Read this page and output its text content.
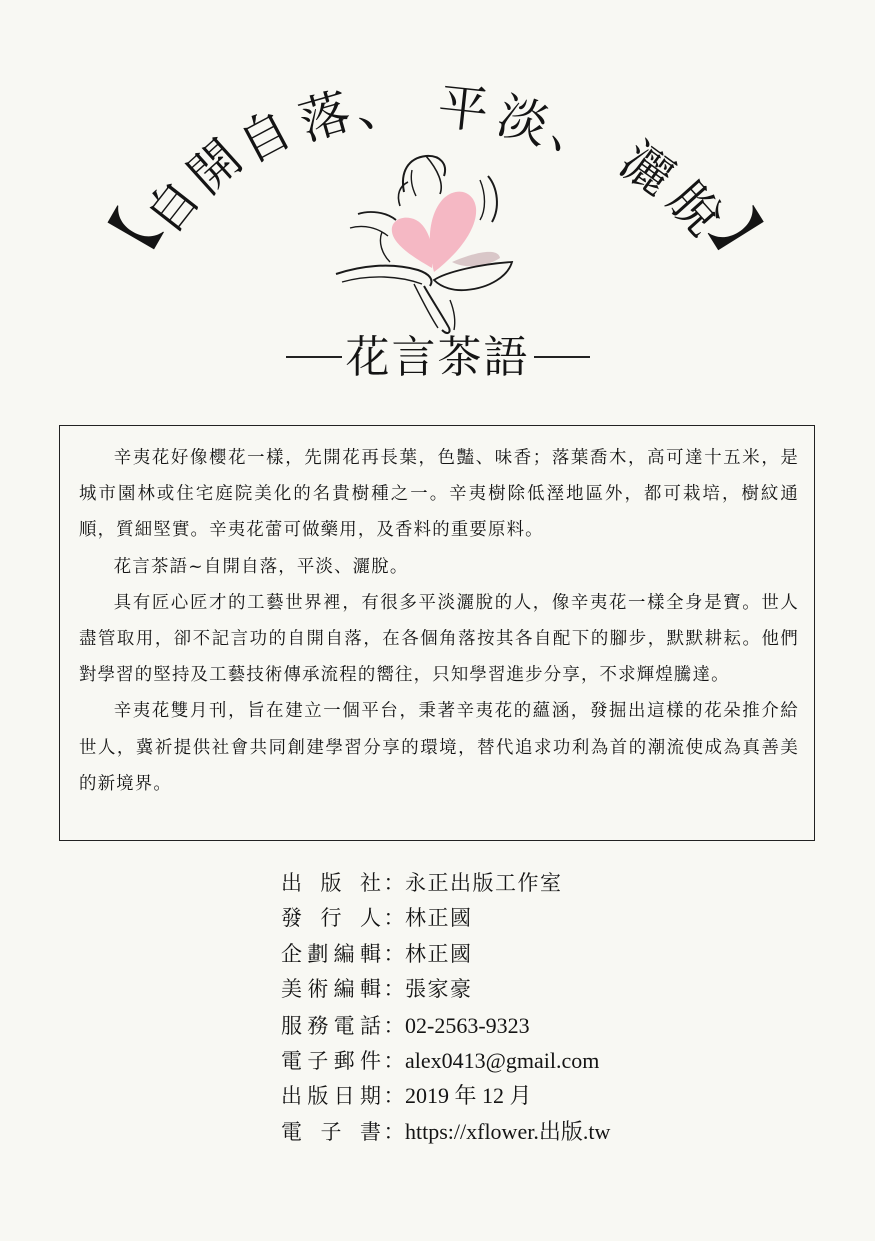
【
自
開
自
落
、 平 淡
、
灑
脫
】
花言茶語

辛夷花好像櫻花一樣，先開花再長葉，色豔、味香；落葉喬木，高可達十五米，是城市園林或住宅庭院美化的名貴樹種之一。辛夷樹除低溼地區外，都可栽培，樹紋通順，質細堅實。辛夷花蕾可做藥用，及香料的重要原料。

花言茶語~自開自落，平淡、灑脫。

具有匠心匠才的工藝世界裡，有很多平淡灑脫的人，像辛夷花一樣全身是寶。世人盡管取用，卻不記言功的自開自落，在各個角落按其各自配下的腳步，默默耕耘。他們對學習的堅持及工藝技術傳承流程的嚮往，只知學習進步分享，不求輝煌騰達。

辛夷花雙月刊，旨在建立一個平台，秉著辛夷花的蘊涵，發掘出這樣的花朵推介給世人，冀祈提供社會共同創建學習分享的環境，替代追求功利為首的潮流使成為真善美的新境界。

出版社 ： 永正出版工作室
發行人 ： 林正國
企劃編輯 ： 林正國
美術編輯 ： 張家豪
服務電話 ： 02-2563-9323
電子郵件 ： alex0413@gmail.com
出版日期 ： 2019 年 12 月
電子書 ： https://xflower.出版.tw
